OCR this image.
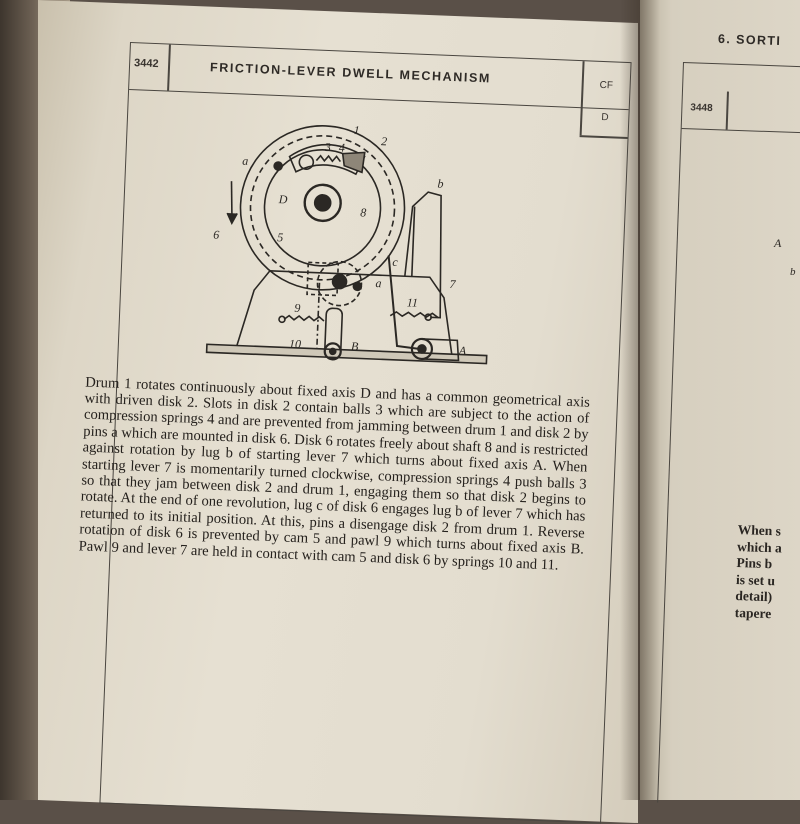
3442	FRICTION-LEVER DWELL MECHANISM
CF
D
a
1
2
3 4
D
8
5
6
7
b
c
a
11
9
10	B	A

Drum 1 rotates continuously about fixed axis D and has a common geometrical axis with driven disk 2. Slots in disk 2 contain balls 3 which are subject to the action of compression springs 4 and are prevented from jamming between drum 1 and disk 2 by pins a which are mounted in disk 6. Disk 6 rotates freely about shaft 8 and is restricted against rotation by lug b of starting lever 7 which turns about fixed axis A. When starting lever 7 is momentarily turned clockwise, compression springs 4 push balls 3 so that they jam between disk 2 and drum 1, engaging them so that disk 2 begins to rotate. At the end of one revolution, lug c of disk 6 engages lug b of lever 7 which has returned to its initial position. At this, pins a disengage disk 2 from drum 1. Reverse rotation of disk 6 is prevented by cam 5 and pawl 9 which turns about fixed axis B. Pawl 9 and lever 7 are held in contact with cam 5 and disk 6 by springs 10 and 11.

6. SORTI
3448
A
b
When s
which a
Pins b
is set u
detail)
tapere
